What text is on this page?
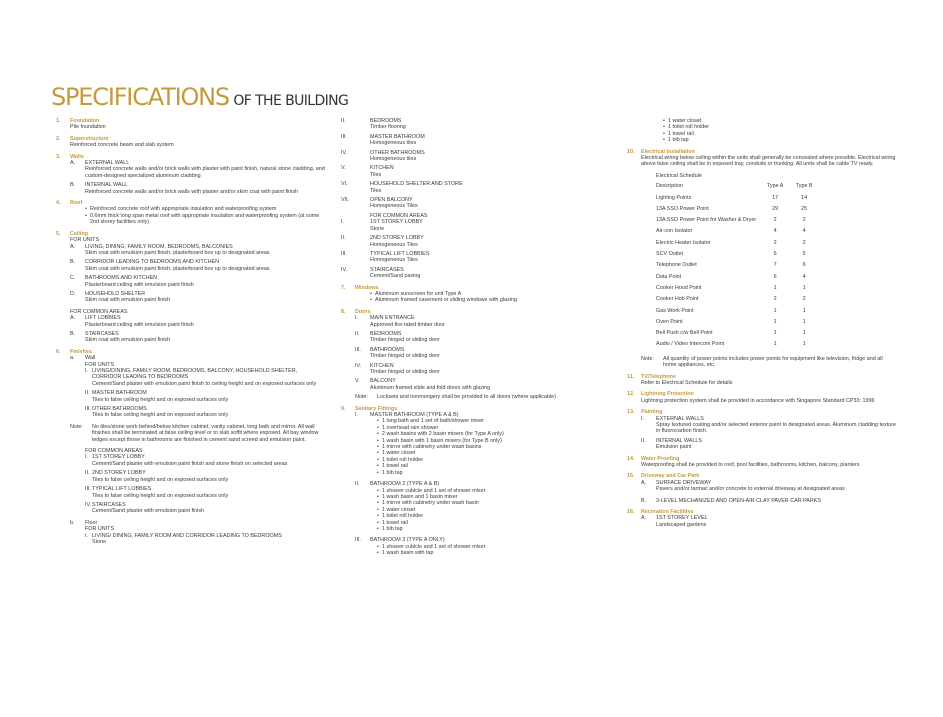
SPECIFICATIONS OF THE BUILDING
1. Foundation
Pile foundation
2. Superstructure
Reinforced concrete beam and slab system
3. Walls
A. EXTERNAL WALL
Reinforced concrete walls and/or brick walls with plaster with paint finish, natural stone cladding, and custom-designed specialized aluminum cladding
B. INTERNAL WALL
Reinforced concrete walls and/or brick walls with plaster and/or skim coat with paint finish
4. Roof
• Reinforced concrete roof with appropriate insulation and waterproofing system
• 0.6mm thick long span metal roof with appropriate insulation and waterproofing system (at some 2nd storey facilities only)
5. Ceiling
FOR UNITS
A. LIVING, DINING, FAMILY ROOM, BEDROOMS, BALCONIES
Skim coat with emulsion paint finish, plasterboard box up to designated areas
B. CORRIDOR LEADING TO BEDROOMS AND KITCHEN
Skim coat with emulsion paint finish, plasterboard box up to designated areas
C. BATHROOMS AND KITCHEN
Plasterboard ceiling with emulsion paint finish
D. HOUSEHOLD SHELTER
Skim coat with emulsion paint finish
FOR COMMON AREAS
A. LIFT LOBBIES
Plasterboard ceiling with emulsion paint finish
B. STAIRCASES
Skim coat with emulsion paint finish
6. Finishes
a. Wall
FOR UNITS
I. LIVING/DINING, FAMILY ROOM, BEDROOMS, BALCONY, HOUSEHOLD SHELTER, CORRIDOR LEADING TO BEDROOMS
Cement/Sand plaster with emulsion paint finish to ceiling height and on exposed surfaces only
II. MASTER BATHROOM
Tiles to false ceiling height and on exposed surfaces only
III. OTHER BATHROOMS
Tiles to false ceiling height and on exposed surfaces only
Note: No tiles/stone work behind/below kitchen cabinet, vanity cabinet, long bath and mirror. All wall finishes shall be terminated at false ceiling level or to slab soffit where exposed. All bay window ledges except those in bathrooms are finished in cement sand screed and emulsion paint.
FOR COMMON AREAS
I. 1ST STOREY LOBBY
Cement/Sand plaster with emulsion paint finish and stone finish on selected areas
II. 2ND STOREY LOBBY
Tiles to false ceiling height and on exposed surfaces only
III. TYPICAL LIFT LOBBIES
Tiles to false ceiling height and on exposed surfaces only
IV. STAIRCASES
Cement/Sand plaster with emulsion paint finish
b. Floor
FOR UNITS
I. LIVING/ DINING, FAMILY ROOM AND CORRIDOR LEADING TO BEDROOMS
Stone
II.	BEDROOMS
Timber flooring
III.	MASTER BATHROOM
Homogeneous tiles
IV.	OTHER BATHROOMS
Homogeneous tiles
V.	KITCHEN
Tiles
VI.	HOUSEHOLD SHELTER AND STORE
Tiles
VII.	OPEN BALCONY
Homogeneous Tiles
FOR COMMON AREAS
I.	1ST STOREY LOBBY
Stone
II.	2ND STOREY LOBBY
Homogeneous Tiles
III.	TYPICAL LIFT LOBBIES
Homogeneous Tiles
IV.	STAIRCASES
Cement/Sand paving
7. Windows
• Aluminum sunscreen for unit Type A
• Aluminum framed casement or sliding windows with glazing
8. Doors
I. MAIN ENTRANCE
Approved fire-rated timber door
II. BEDROOMS
Timber hinged or sliding door
III. BATHROOMS
Timber hinged or sliding door
IV. KITCHEN
Timber hinged or sliding door
V. BALCONY
Aluminum framed slide and fold doors with glazing
Note: Locksets and ironmongery shall be provided to all doors (where applicable)
9. Sanitary Fittings
I. MASTER BATHROOM (TYPE A & B)
• 1 long bath and 1 set of bath/shower mixer
• 1 overhead rain shower
• 2 wash basins with 2 basin mixers (for Type A only)
• 1 wash basin with 1 basin mixers (for Type B only)
• 1 mirror with cabinetry under wash basins
• 1 water closet
• 1 toilet roll holder
• 1 towel rail
• 1 bib tap
II. BATHROOM 2 (TYPE A & B)
• 1 shower cubicle and 1 set of shower mixer
• 1 wash basin and 1 basin mixer
• 1 mirror with cabinetry under wash basin
• 1 water closet
• 1 toilet roll holder
• 1 towel rail
• 1 bib tap
III. BATHROOM 3 (TYPE A ONLY)
• 1 shower cubicle and 1 set of shower mixer
• 1 wash basin with tap
• 1 water closet
• 1 toilet roll holder
• 1 towel rail
• 1 bib tap
10. Electrical Installation
Electrical wiring below ceiling within the units shall generally be concealed where possible. Electrical wiring above false ceiling shall be in exposed tray, conduits or trunking. All units shall be cable TV ready.
Electrical Schedule
Description	Type A	Type B
Lighting Points	17	14
13A SSO Power Point	29	25
13A SSO Power Point for Washer & Dryer	2	2
Air-con Isolator	4	4
Electric Heater Isolator	2	2
SCV Outlet	6	5
Telephone Outlet	7	6
Data Point	6	4
Cooker Hood Point	1	1
Cooker Hob Point	2	2
Gas Work Point	1	1
Oven Point	1	1
Bell Push c/w Bell Point	1	1
Audio / Video Intercom Point	1	1
Note: All quantity of power points includes power points for equipment like television, fridge and all home appliances, etc.
11. TV/Telephone
Refer to Electrical Schedule for details
12. Lightning Protection
Lightning protection system shall be provided in accordance with Singapore Standard CP33: 1996
13. Painting
I. EXTERNAL WALLS
Spray textured coating and/or selected exterior paint to designated areas. Aluminum cladding texture in fluorocarbon finish.
II. INTERNAL WALLS
Emulsion paint
14. Water Proofing
Waterproofing shall be provided to roof, pool facilities, bathrooms, kitchen, balcony, planters
15. Driveway and Car Park
A. SURFACE DRIVEWAY
Pavers and/or tarmac and/or concrete to external driveway at designated areas
B. 3-LEVEL MECHANIZED AND OPEN-AIR CLAY PAVER CAR PARKS
16. Recreation Facilities
A. 1ST STOREY LEVEL
Landscaped gardens
